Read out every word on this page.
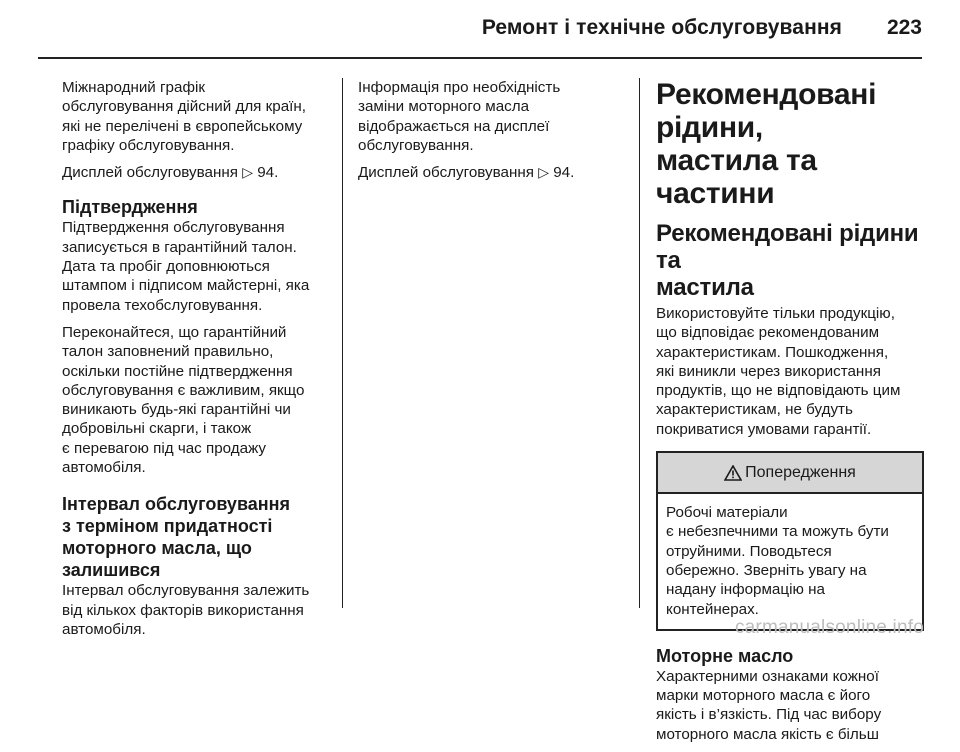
Ремонт і технічне обслуговування 223
Міжнародний графік
обслуговування дійсний для країн,
які не перелічені в європейському
графіку обслуговування.
Дисплей обслуговування ▷ 94.
Підтвердження
Підтвердження обслуговування
записується в гарантійний талон.
Дата та пробіг доповнюються
штампом і підписом майстерні, яка
провела техобслуговування.
Переконайтеся, що гарантійний
талон заповнений правильно,
оскільки постійне підтвердження
обслуговування є важливим, якщо
виникають будь-які гарантійні чи
добровільні скарги, і також
є перевагою під час продажу
автомобіля.
Інтервал обслуговування
з терміном придатності
моторного масла, що
залишився
Інтервал обслуговування залежить
від кількох факторів використання
автомобіля.
Інформація про необхідність
заміни моторного масла
відображається на дисплеї
обслуговування.
Дисплей обслуговування ▷ 94.
Рекомендовані рідини,
мастила та частини
Рекомендовані рідини та
мастила
Використовуйте тільки продукцію,
що відповідає рекомендованим
характеристикам. Пошкодження,
які виникли через використання
продуктів, що не відповідають цим
характеристикам, не будуть
покриватися умовами гарантії.
Попередження
Робочі матеріали
є небезпечними та можуть бути
отруйними. Поводьтеся
обережно. Зверніть увагу на
надану інформацію на
контейнерах.
Моторне масло
Характерними ознаками кожної
марки моторного масла є його
якість і в’язкість. Під час вибору
моторного масла якість є більш
carmanualsonline.info
